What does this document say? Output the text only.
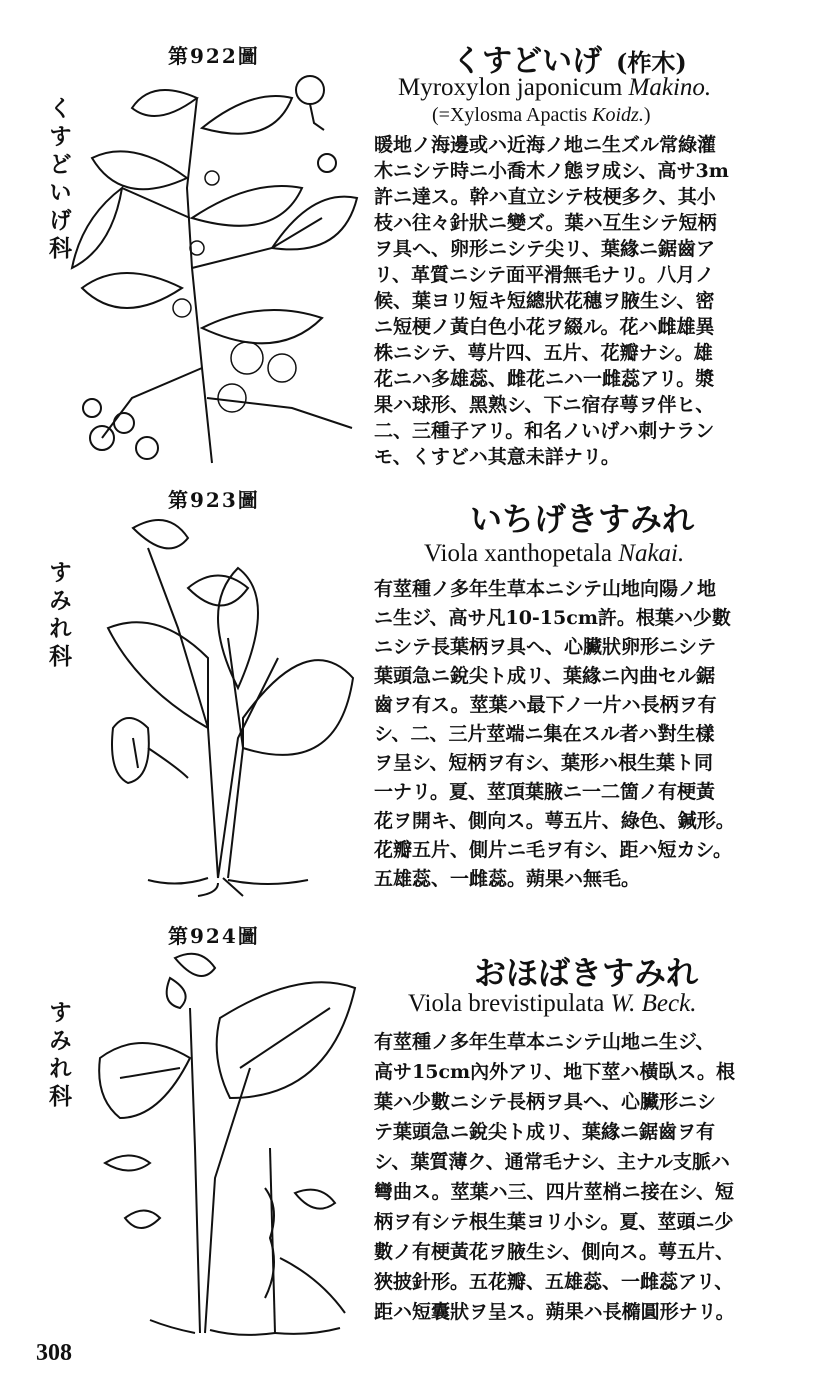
第922圖
くすどいげ科
くすどいげ (柞木)
Myroxylon japonicum Makino.
(=Xylosma Apactis Koidz.)
暖地ノ海邊或ハ近海ノ地ニ生ズル常綠灌
木ニシテ時ニ小喬木ノ態ヲ成シ、高サ3m
許ニ達ス。幹ハ直立シテ枝梗多ク、其小
枝ハ往々針狀ニ變ズ。葉ハ互生シテ短柄
ヲ具ヘ、卵形ニシテ尖リ、葉緣ニ鋸齒ア
リ、革質ニシテ面平滑無毛ナリ。八月ノ
候、葉ヨリ短キ短總狀花穗ヲ腋生シ、密
ニ短梗ノ黃白色小花ヲ綴ル。花ハ雌雄異
株ニシテ、萼片四、五片、花瓣ナシ。雄
花ニハ多雄蕊、雌花ニハ一雌蕊アリ。漿
果ハ球形、黑熟シ、下ニ宿存萼ヲ伴ヒ、
二、三種子アリ。和名ノいげハ刺ナラン
モ、くすどハ其意未詳ナリ。
第923圖
すみれ科
いちげきすみれ
Viola xanthopetala Nakai.
有莖種ノ多年生草本ニシテ山地向陽ノ地
ニ生ジ、高サ凡10-15cm許。根葉ハ少數
ニシテ長葉柄ヲ具ヘ、心臟狀卵形ニシテ
葉頭急ニ銳尖ト成リ、葉緣ニ內曲セル鋸
齒ヲ有ス。莖葉ハ最下ノ一片ハ長柄ヲ有
シ、二、三片莖端ニ集在スル者ハ對生樣
ヲ呈シ、短柄ヲ有シ、葉形ハ根生葉ト同
一ナリ。夏、莖頂葉腋ニ一二箇ノ有梗黃
花ヲ開キ、側向ス。萼五片、綠色、鍼形。
花瓣五片、側片ニ毛ヲ有シ、距ハ短カシ。
五雄蕊、一雌蕊。蒴果ハ無毛。
第924圖
すみれ科
おほばきすみれ
Viola brevistipulata W. Beck.
有莖種ノ多年生草本ニシテ山地ニ生ジ、
高サ15cm內外アリ、地下莖ハ橫臥ス。根
葉ハ少數ニシテ長柄ヲ具ヘ、心臟形ニシ
テ葉頭急ニ銳尖ト成リ、葉緣ニ鋸齒ヲ有
シ、葉質薄ク、通常毛ナシ、主ナル支脈ハ
彎曲ス。莖葉ハ三、四片莖梢ニ接在シ、短
柄ヲ有シテ根生葉ヨリ小シ。夏、莖頭ニ少
數ノ有梗黃花ヲ腋生シ、側向ス。萼五片、
狹披針形。五花瓣、五雄蕊、一雌蕊アリ、
距ハ短囊狀ヲ呈ス。蒴果ハ長橢圓形ナリ。
308
